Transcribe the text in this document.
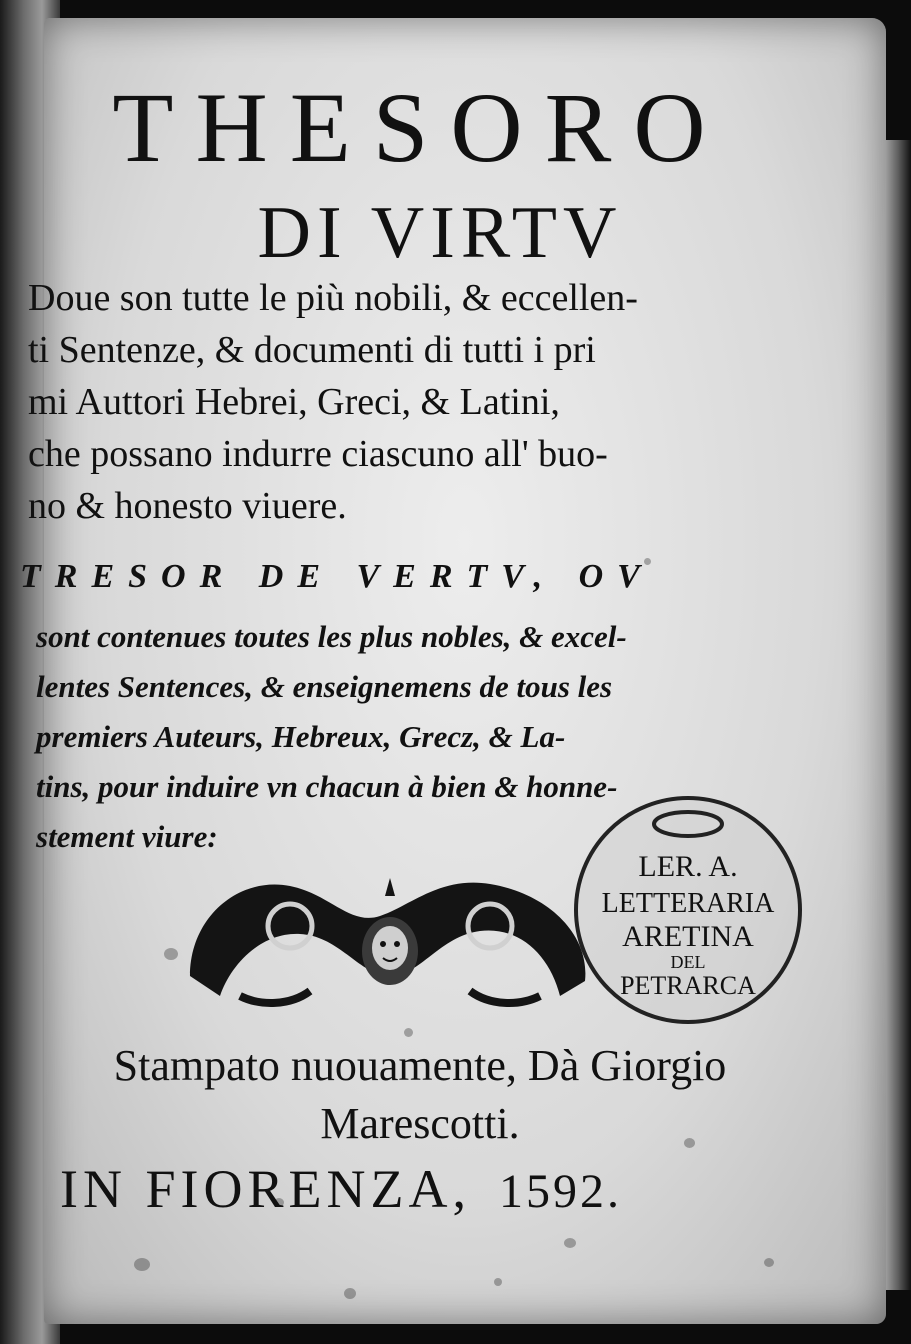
THESORO
DI VIRTV
Doue son tutte le più nobili, & eccellen-
ti Sentenze, & documenti di tutti i pri
mi Auttori Hebrei, Greci, & Latini,
che possano indurre ciascuno all' buo-
no & honesto viuere.
TRESOR DE VERTV, OV
sont contenues toutes les plus nobles, & excel-
lentes Sentences, & enseignemens de tous les
premiers Auteurs, Hebreux, Grecz, & La-
tins, pour induire vn chacun à bien & honne-
stement viure:
LER. A.
LETTERARIA
ARETINA
DEL
PETRARCA
Stampato nuouamente, Dà Giorgio
Marescotti.
IN FIORENZA, 1592.
